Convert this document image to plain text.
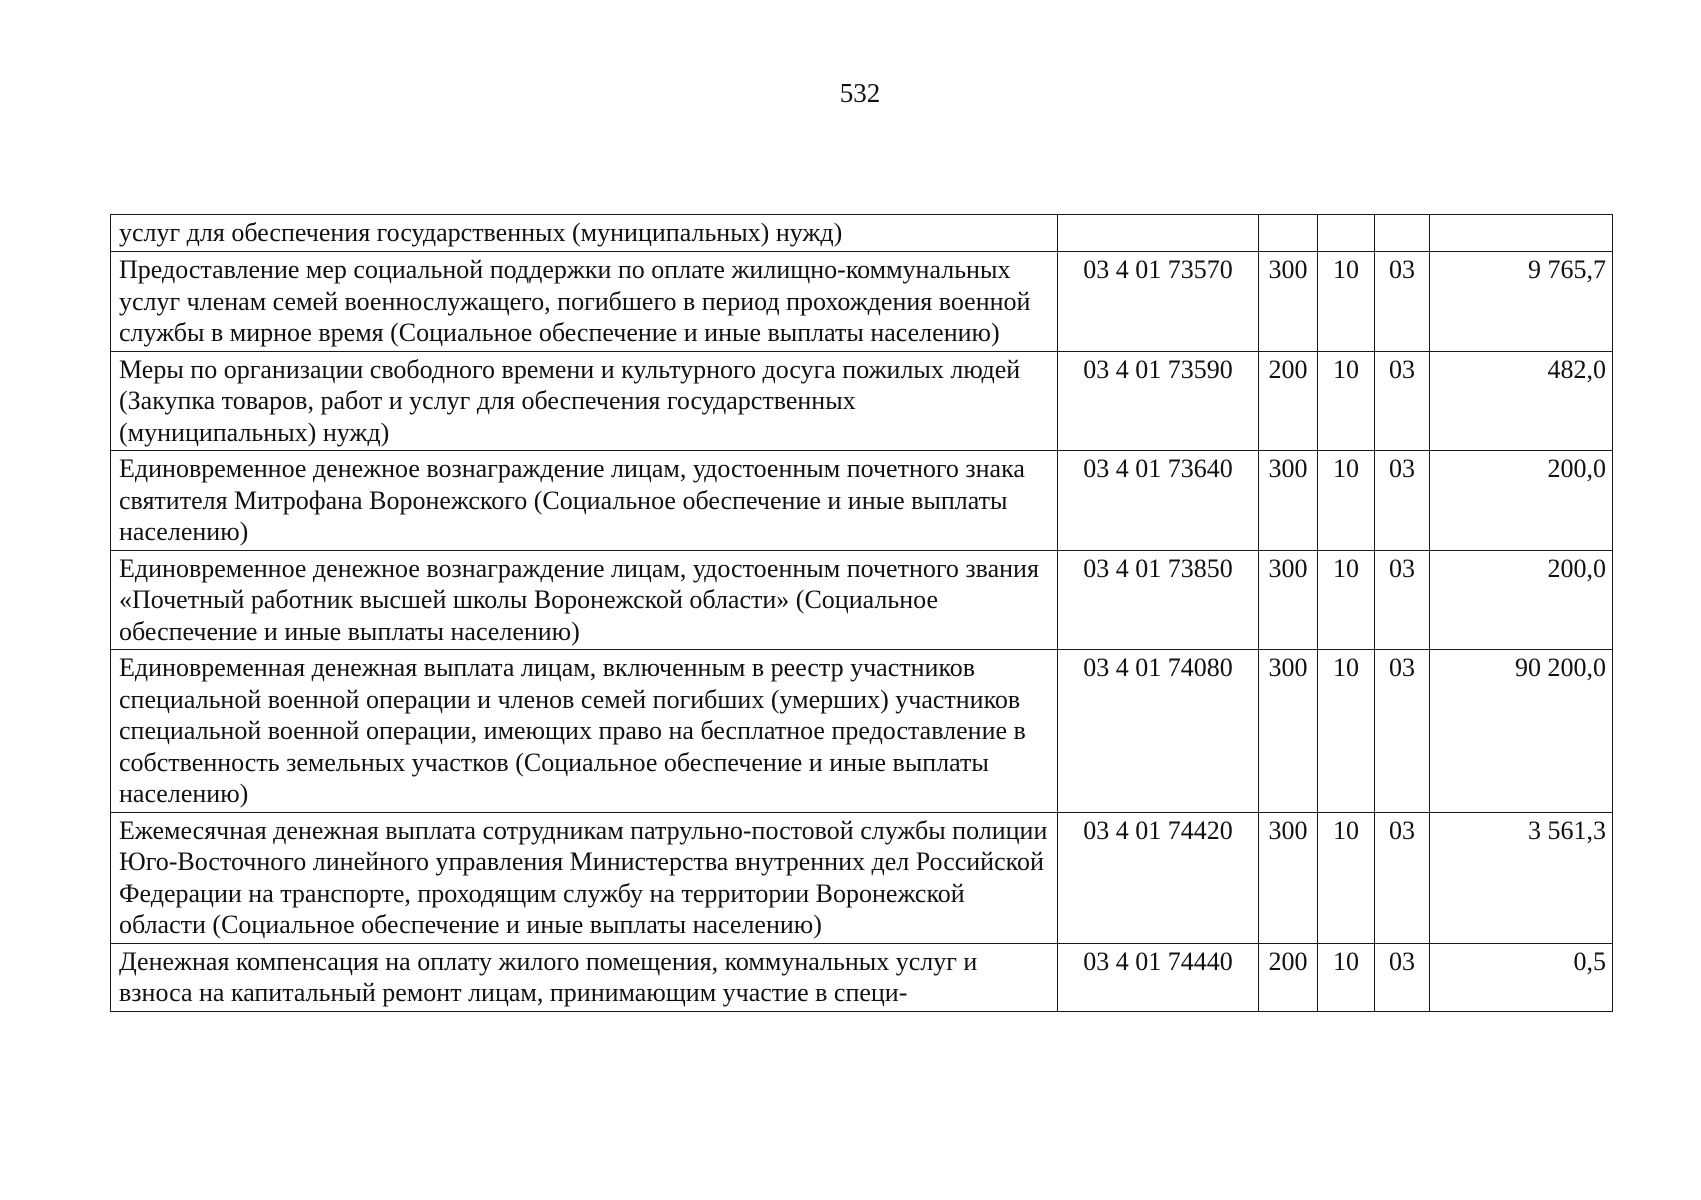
532
услуг для обеспечения государственных (муниципальных) нужд)					
Предоставление мер социальной поддержки по оплате жилищно-коммунальных услуг членам семей военнослужащего, погибшего в период прохождения военной службы в мирное время (Социальное обеспечение и иные выплаты населению)	03 4 01 73570	300	10	03	9 765,7
Меры по организации свободного времени и культурного досуга пожилых людей (Закупка товаров, работ и услуг для обеспечения государственных (муниципальных) нужд)	03 4 01 73590	200	10	03	482,0
Единовременное денежное вознаграждение лицам, удостоенным почетного знака святителя Митрофана Воронежского (Социальное обеспечение и иные выплаты населению)	03 4 01 73640	300	10	03	200,0
Единовременное денежное вознаграждение лицам, удостоенным почетного звания «Почетный работник высшей школы Воронежской области» (Социальное обеспечение и иные выплаты населению)	03 4 01 73850	300	10	03	200,0
Единовременная денежная выплата лицам, включенным в реестр участников специальной военной операции и членов семей погибших (умерших) участников специальной военной операции, имеющих право на бесплатное предоставление в собственность земельных участков (Социальное обеспечение и иные выплаты населению)	03 4 01 74080	300	10	03	90 200,0
Ежемесячная денежная выплата сотрудникам патрульно-постовой службы полиции Юго-Восточного линейного управления Министерства внутренних дел Российской Федерации на транспорте, проходящим службу на территории Воронежской области (Социальное обеспечение и иные выплаты населению)	03 4 01 74420	300	10	03	3 561,3
Денежная компенсация на оплату жилого помещения, коммунальных услуг и взноса на капитальный ремонт лицам, принимающим участие в специ-	03 4 01 74440	200	10	03	0,5
